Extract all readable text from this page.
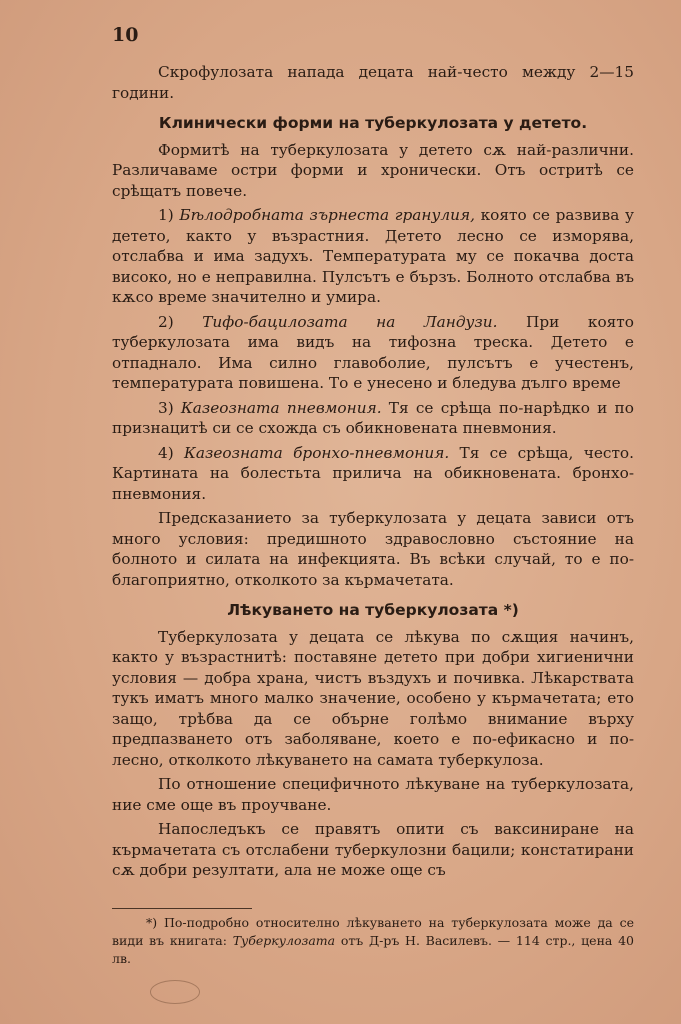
10

Скрофулозата напада децата най-често между 2—15 години.

Клинически форми на туберкулозата у детето.

Формитѣ на туберкулозата у детето сѫ най-различни. Различаваме остри форми и хронически. Отъ остритѣ се срѣщатъ повече.

1) Бѣлодробната зърнеста гранулия, която се развива у детето, както у възрастния. Детето лесно се изморява, отслабва и има задухъ. Температурата му се покачва доста високо, но е неправилна. Пулсътъ е бързъ. Болното отслабва въ кѫсо време значително и умира.

2) Тифо-бацилозата на Ландузи. При която туберкулозата има видъ на тифозна треска. Детето е отпаднало. Има силно главоболие, пулсътъ е учестенъ, температурата повишена. То е унесено и бледува дълго време

3) Казеозната пневмония. Тя се срѣща по-нарѣдко и по признацитѣ си се схожда съ обикновената пневмония.

4) Казеозната бронхо-пневмония. Тя се срѣща, често. Картината на болестьта прилича на обикновената. бронхо-пневмония.

Предсказанието за туберкулозата у децата зависи отъ много условия: предишното здравословно състояние на болното и силата на инфекцията. Въ всѣки случай, то е по-благоприятно, отколкото за кърмачетата.

Лѣкуването на туберкулозата *)

Туберкулозата у децата се лѣкува по сѫщия начинъ, както у възрастнитѣ: поставяне детето при добри хигиенични условия — добра храна, чистъ въздухъ и почивка. Лѣкарствата тукъ иматъ много малко значение, особено у кърмачетата; ето защо, трѣбва да се обърне голѣмо внимание върху предпазването отъ заболяване, което е по-ефикасно и по-лесно, отколкото лѣкуването на самата туберкулоза.

По отношение специфичното лѣкуване на туберкулозата, ние сме още въ проучване.

Напоследъкъ се правятъ опити съ ваксиниране на кърмачетата съ отслабени туберкулозни бацили; констатирани сѫ добри резултати, ала не може още съ

*) По-подробно относително лѣкуването на туберкулозата може да се види въ книгата: Туберкулозата отъ Д-ръ Н. Василевъ. — 114 стр., цена 40 лв.
